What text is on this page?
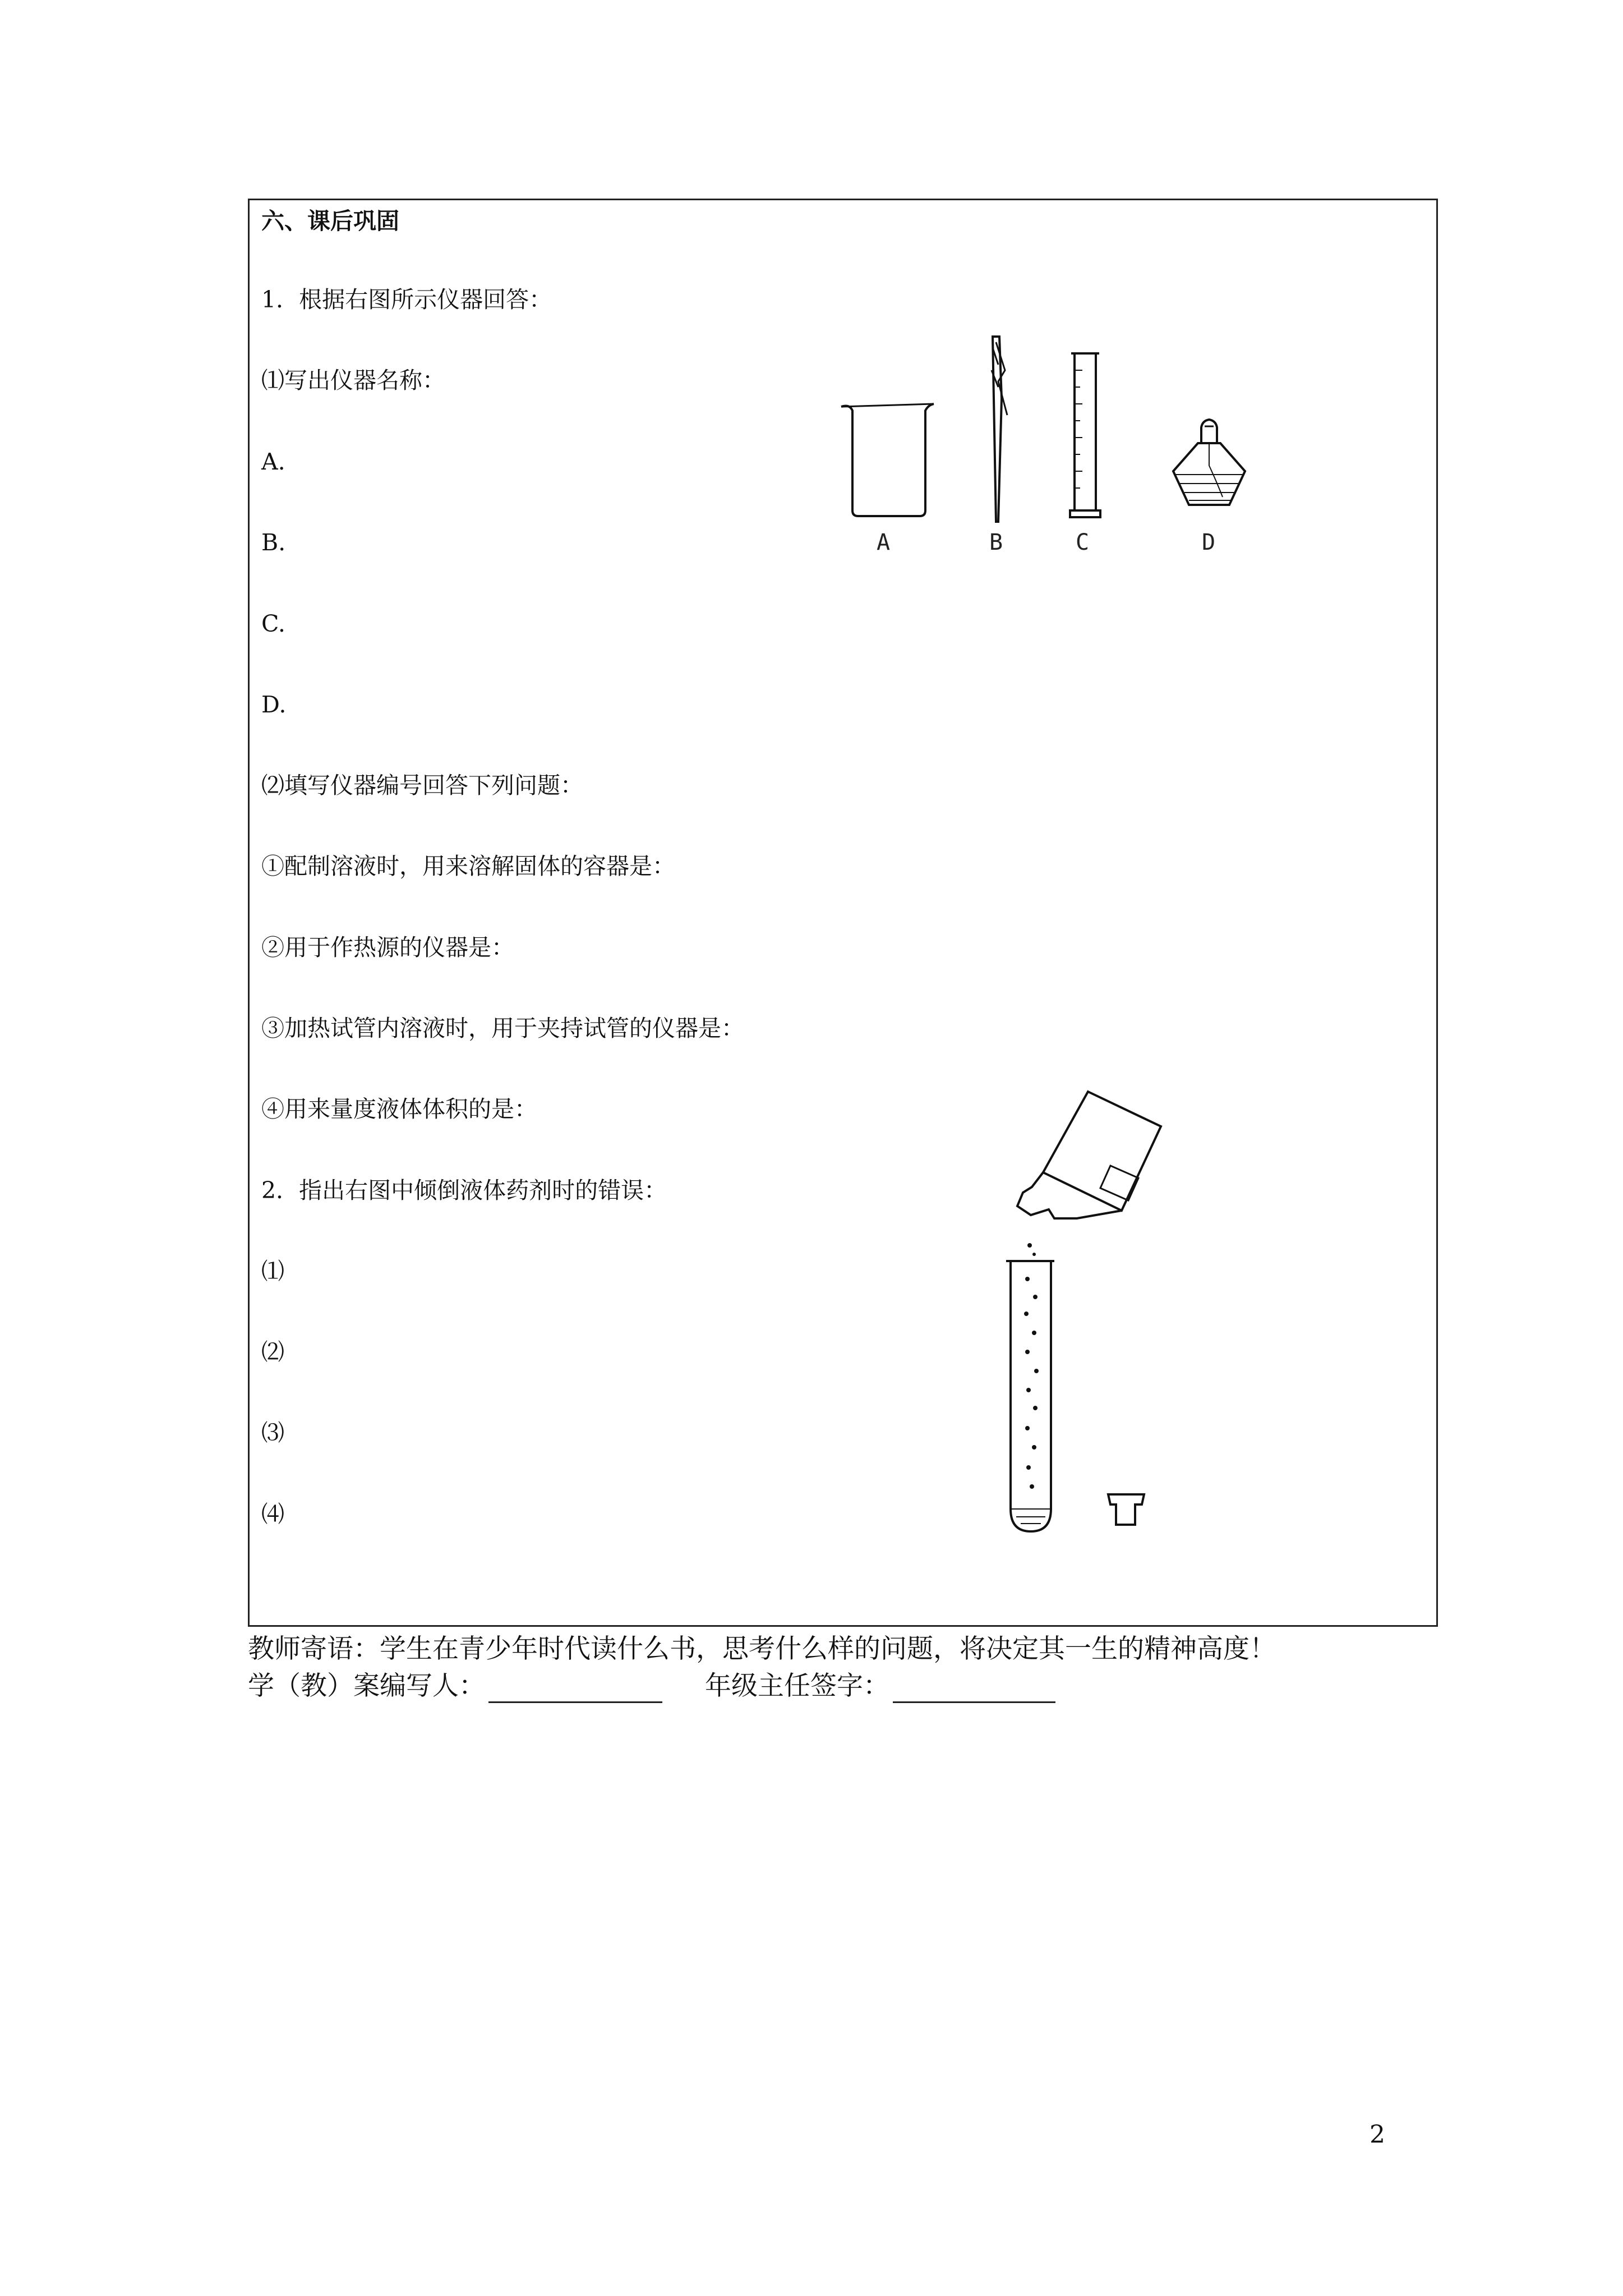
六、课后巩固
1．根据右图所示仪器回答：
⑴写出仪器名称：
A.
B.
C.
D.
⑵填写仪器编号回答下列问题：
①配制溶液时，用来溶解固体的容器是：
②用于作热源的仪器是：
③加热试管内溶液时，用于夹持试管的仪器是：
④用来量度液体体积的是：
2．指出右图中倾倒液体药剂时的错误：
⑴
⑵
⑶
⑷
A	B	C	D
教师寄语：学生在青少年时代读什么书，思考什么样的问题，将决定其一生的精神高度！
学（教）案编写人：	年级主任签字：
2
